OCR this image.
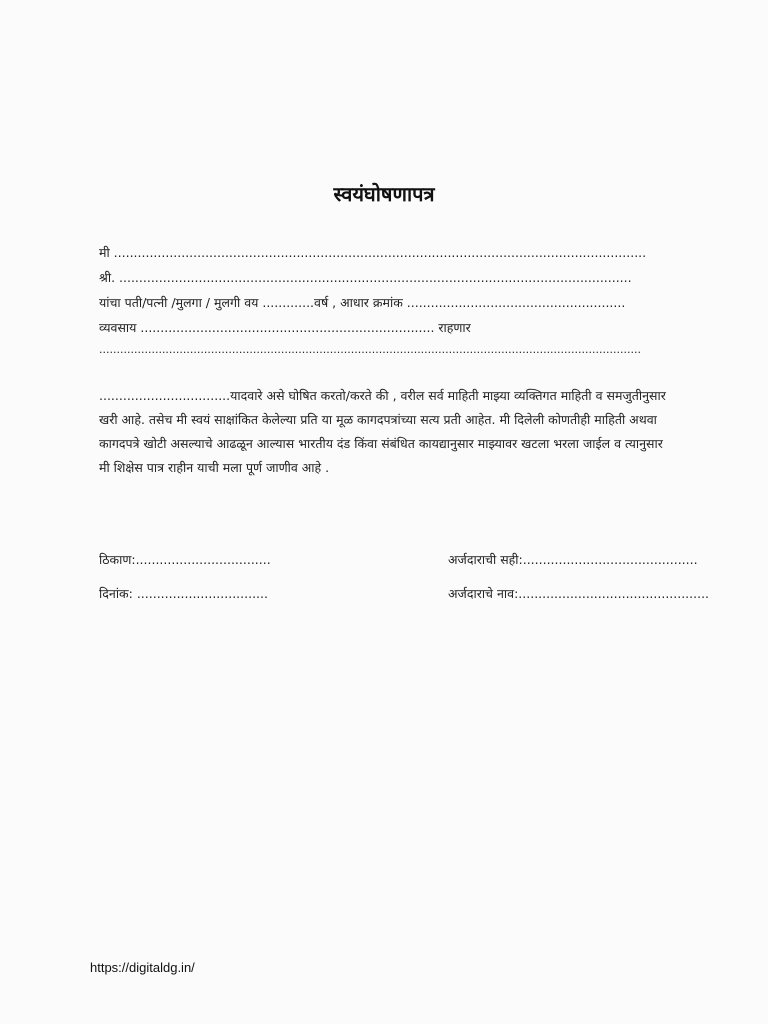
स्वयंघोषणापत्र
मी ......................................................................................................................................
श्री. .................................................................................................................................
यांचा पती/पत्नी /मुलगा / मुलगी वय .............वर्ष , आधार क्रमांक .......................................................
व्यवसाय .......................................................................... राहणार
...........................................................................................................................................................
.................................यादवारे असे घोषित करतो/करते की , वरील सर्व माहिती माझ्या व्यक्तिगत माहिती व समजुतीनुसार खरी आहे. तसेच मी स्वयं साक्षांकित केलेल्या प्रति या मूळ कागदपत्रांच्या सत्य प्रती आहेत. मी दिलेली कोणतीही माहिती अथवा कागदपत्रे खोटी असल्याचे आढळून आल्यास भारतीय दंड किंवा संबंधित कायद्यानुसार माझ्यावर खटला भरला जाईल व त्यानुसार मी शिक्षेस पात्र राहीन याची मला पूर्ण जाणीव आहे .
ठिकाण:..................................
दिनांक: .................................
अर्जदाराची सही:............................................
अर्जदाराचे नाव:................................................
https://digitaldg.in/
